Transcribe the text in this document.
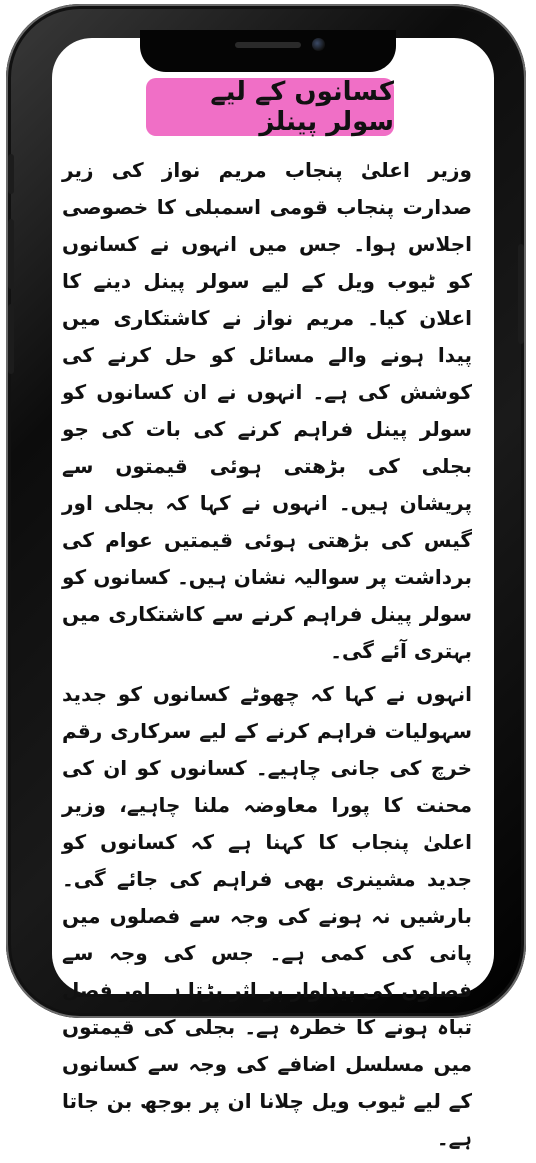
کسانوں کے لیے سولر پینلز

وزیر اعلیٰ پنجاب مریم نواز کی زیر صدارت پنجاب قومی اسمبلی کا خصوصی اجلاس ہوا۔ جس میں انہوں نے کسانوں کو ٹیوب ویل کے لیے سولر پینل دینے کا اعلان کیا۔ مریم نواز نے کاشتکاری میں پیدا ہونے والے مسائل کو حل کرنے کی کوشش کی ہے۔ انہوں نے ان کسانوں کو سولر پینل فراہم کرنے کی بات کی جو بجلی کی بڑھتی ہوئی قیمتوں سے پریشان ہیں۔ انہوں نے کہا کہ بجلی اور گیس کی بڑھتی ہوئی قیمتیں عوام کی برداشت پر سوالیہ نشان ہیں۔ کسانوں کو سولر پینل فراہم کرنے سے کاشتکاری میں بہتری آئے گی۔

انہوں نے کہا کہ چھوٹے کسانوں کو جدید سہولیات فراہم کرنے کے لیے سرکاری رقم خرچ کی جانی چاہیے۔ کسانوں کو ان کی محنت کا پورا معاوضہ ملنا چاہیے، وزیر اعلیٰ پنجاب کا کہنا ہے کہ کسانوں کو جدید مشینری بھی فراہم کی جائے گی۔ بارشیں نہ ہونے کی وجہ سے فصلوں میں پانی کی کمی ہے۔ جس کی وجہ سے فصلوں کی پیداوار پر اثر پڑتا ہے اور فصل تباہ ہونے کا خطرہ ہے۔ بجلی کی قیمتوں میں مسلسل اضافے کی وجہ سے کسانوں کے لیے ٹیوب ویل چلانا ان پر بوجھ بن جاتا ہے۔
